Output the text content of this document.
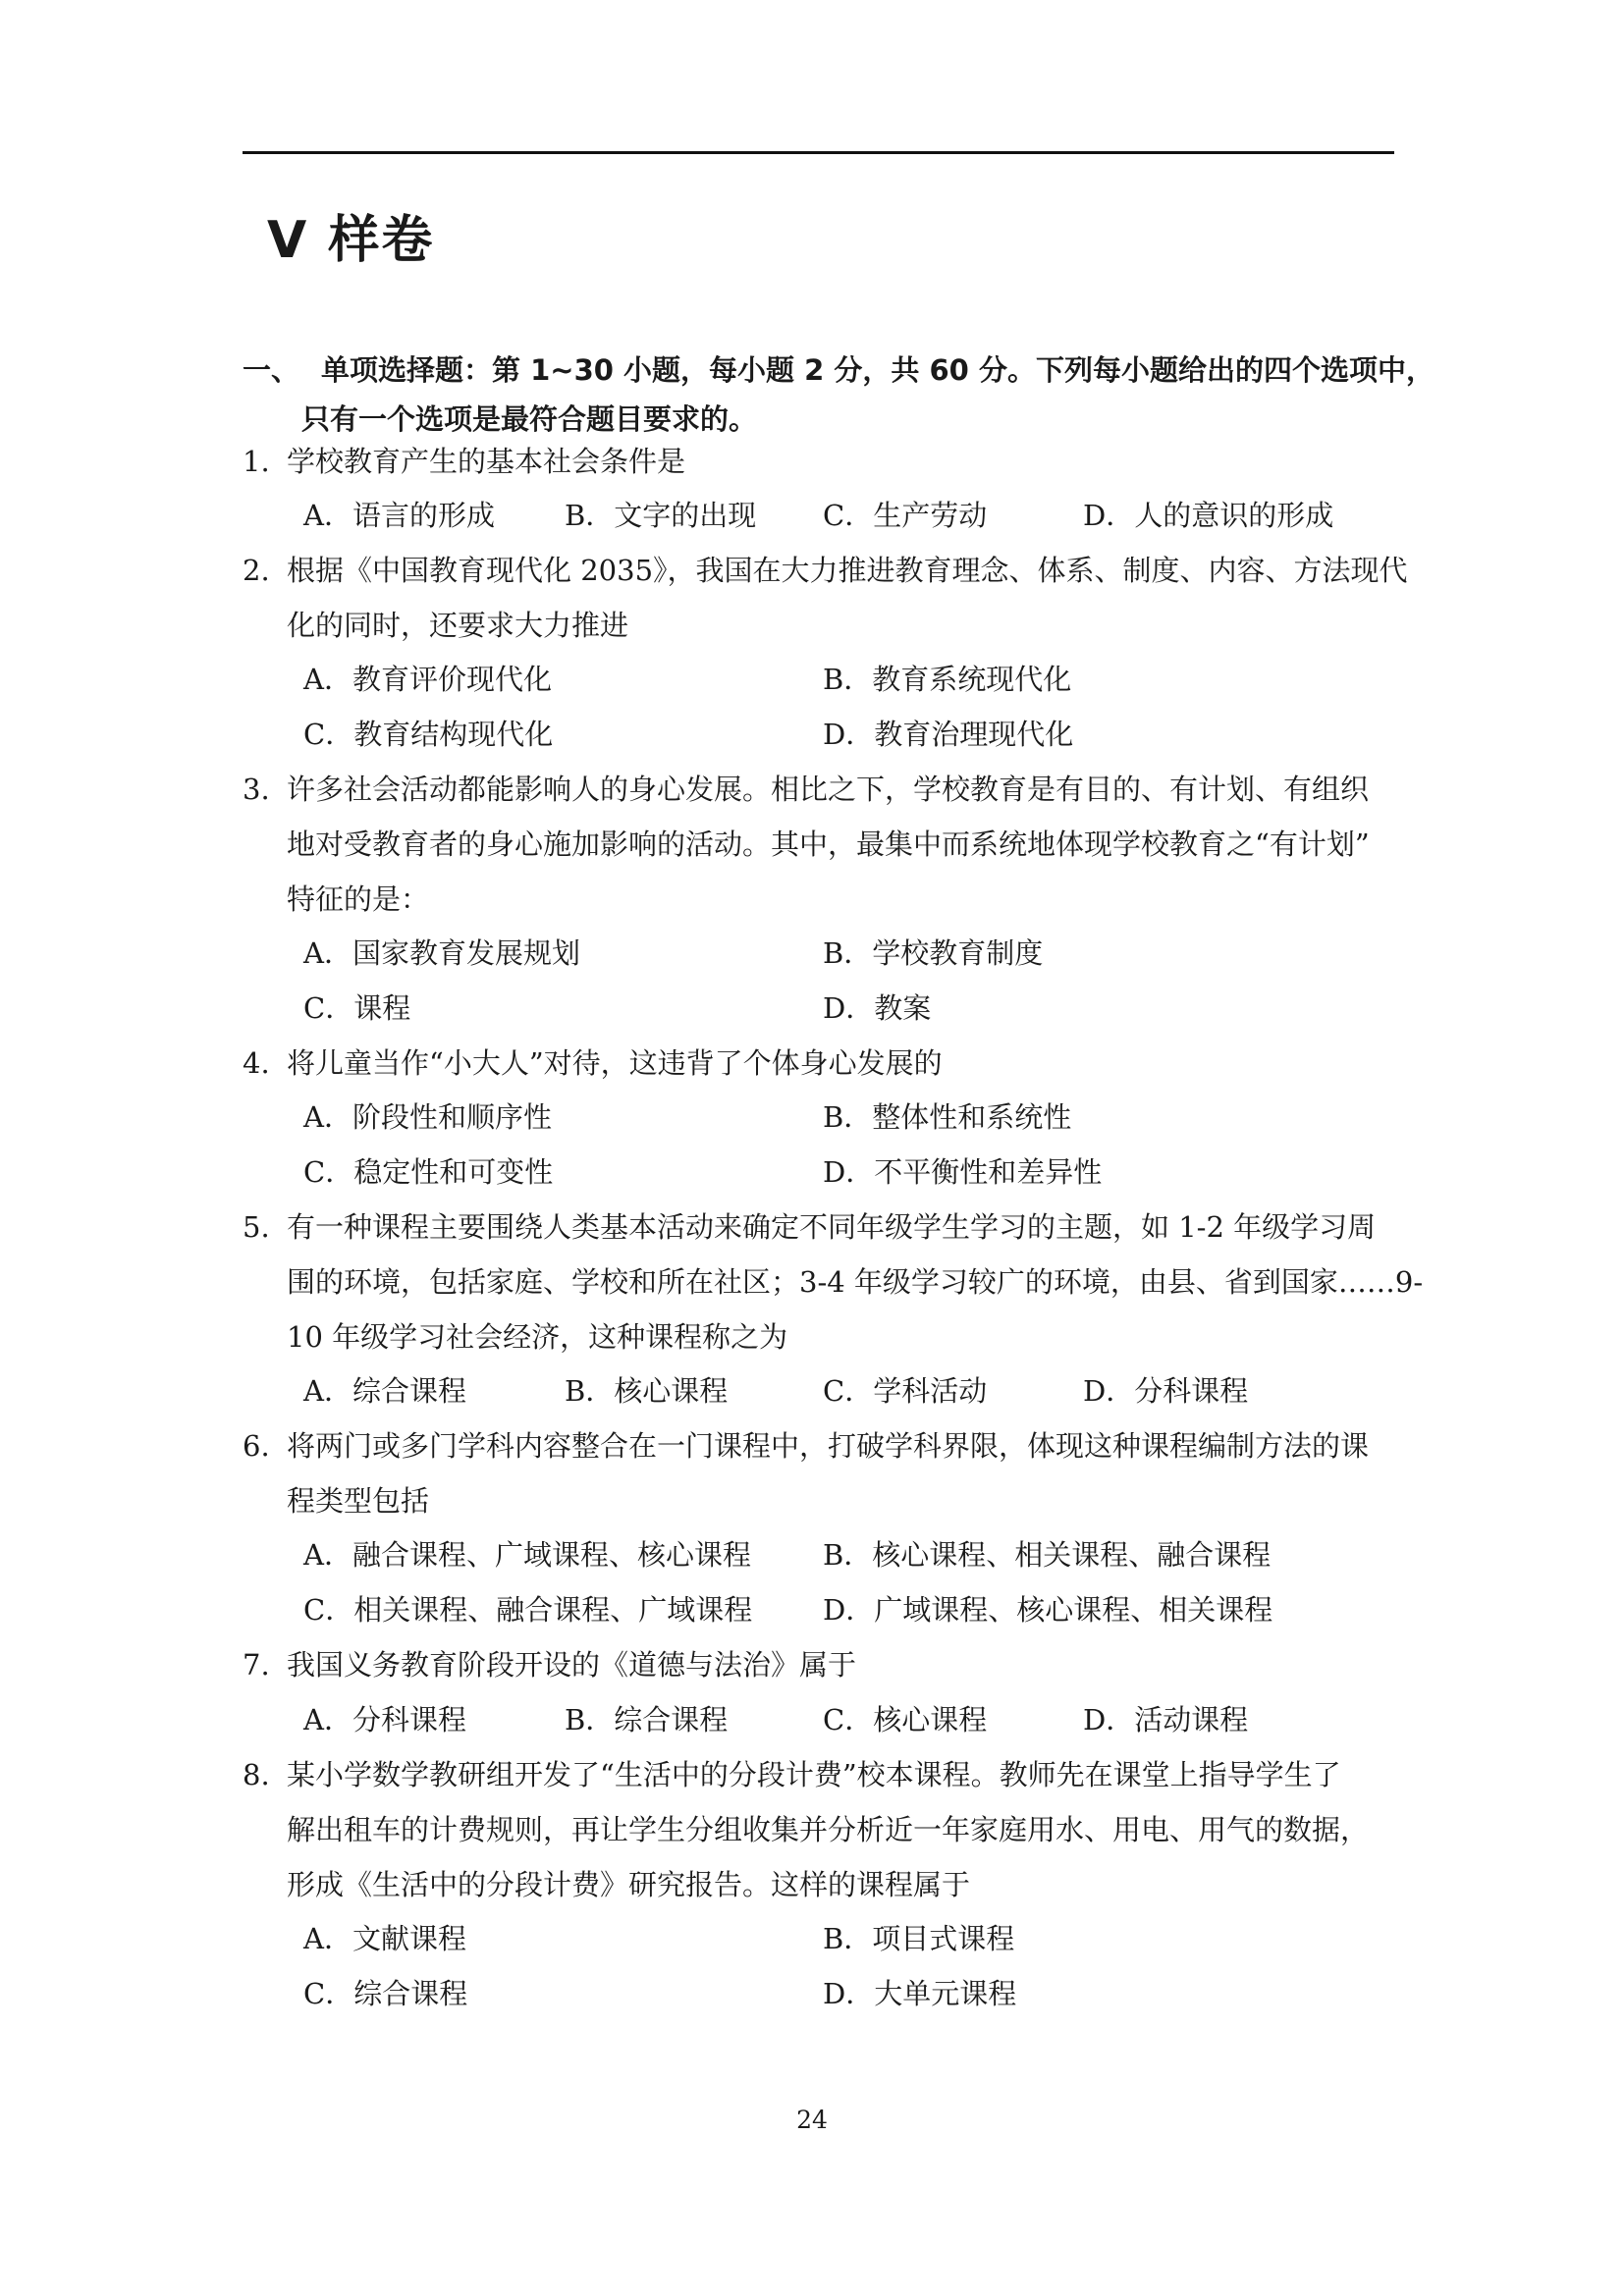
V 样卷
一、 单项选择题：第 1~30 小题，每小题 2 分，共 60 分。下列每小题给出的四个选项中，
只有一个选项是最符合题目要求的。
1. 学校教育产生的基本社会条件是
A．语言的形成 B．文字的出现 C．生产劳动	D．人的意识的形成
2. 根据《中国教育现代化 2035》，我国在大力推进教育理念、体系、制度、内容、方法现代
化的同时，还要求大力推进
A．教育评价现代化	B．教育系统现代化
C．教育结构现代化	D．教育治理现代化
3. 许多社会活动都能影响人的身心发展。相比之下，学校教育是有目的、有计划、有组织
地对受教育者的身心施加影响的活动。其中，最集中而系统地体现学校教育之“有计划”
特征的是：
A．国家教育发展规划	B．学校教育制度
C．课程	D．教案
4. 将儿童当作“小大人”对待，这违背了个体身心发展的
A．阶段性和顺序性	B．整体性和系统性
C．稳定性和可变性	D．不平衡性和差异性
5. 有一种课程主要围绕人类基本活动来确定不同年级学生学习的主题，如 1-2 年级学习周
围的环境，包括家庭、学校和所在社区；3-4 年级学习较广的环境，由县、省到国家……9-
10 年级学习社会经济，这种课程称之为
A．综合课程	B．核心课程	C．学科活动	D．分科课程
6. 将两门或多门学科内容整合在一门课程中，打破学科界限，体现这种课程编制方法的课
程类型包括
A．融合课程、广域课程、核心课程	B．核心课程、相关课程、融合课程
C．相关课程、融合课程、广域课程 D．广域课程、核心课程、相关课程
7. 我国义务教育阶段开设的《道德与法治》属于
A．分科课程	B．综合课程	C．核心课程	D．活动课程
8. 某小学数学教研组开发了“生活中的分段计费”校本课程。教师先在课堂上指导学生了
解出租车的计费规则，再让学生分组收集并分析近一年家庭用水、用电、用气的数据，
形成《生活中的分段计费》研究报告。这样的课程属于
A．文献课程	B．项目式课程
C．综合课程	D．大单元课程
24
